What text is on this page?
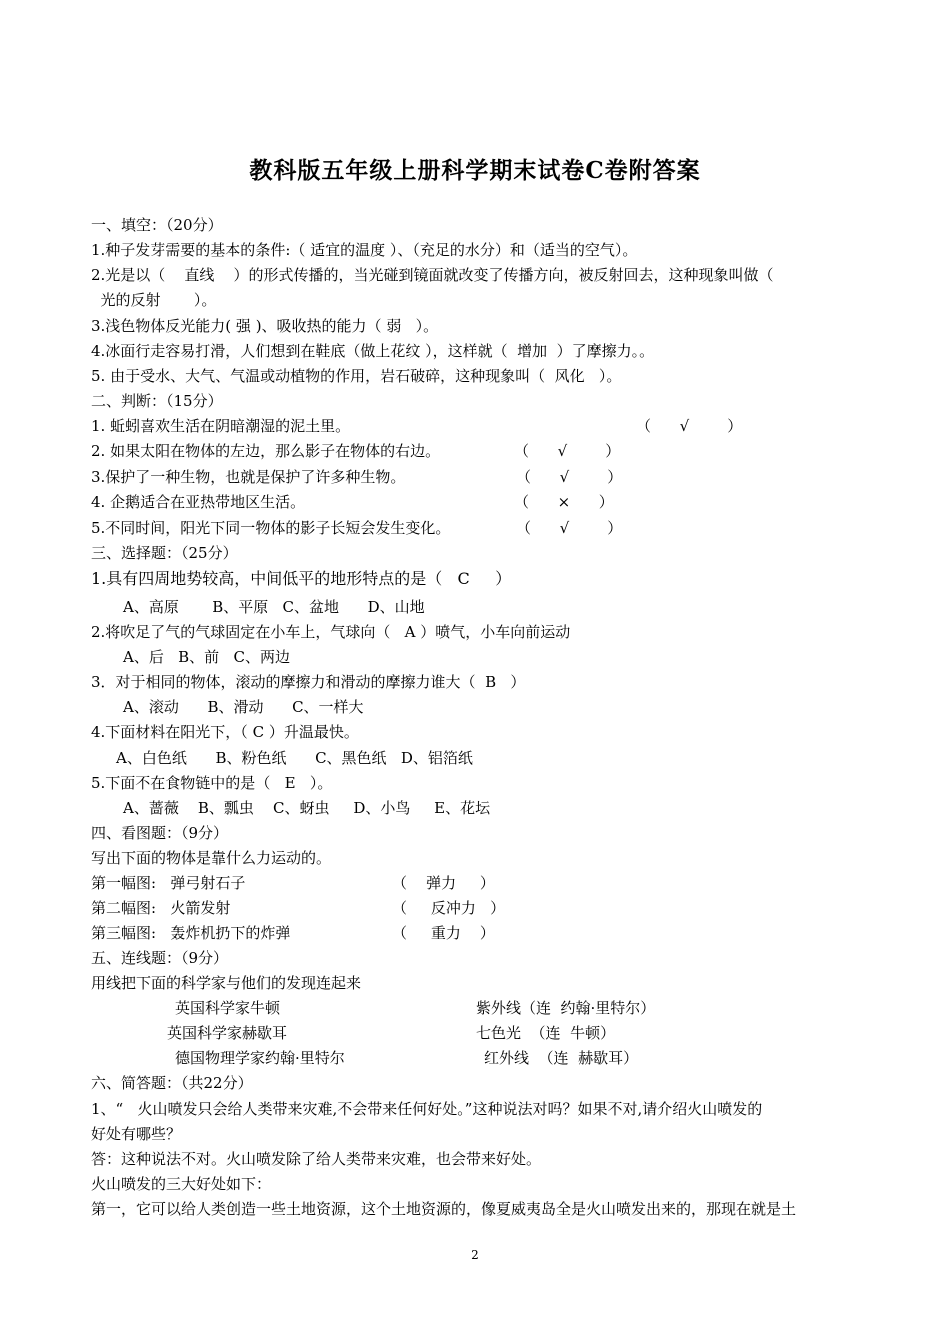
教科版五年级上册科学期末试卷C卷附答案
一、填空：（20分）
1.种子发芽需要的基本的条件:（ 适宜的温度 ）、（充足的水分）和（适当的空气）。
2.光是以（    直线    ）的形式传播的，当光碰到镜面就改变了传播方向，被反射回去，这种现象叫做（
光的反射       ）。
3.浅色物体反光能力( 强 )、吸收热的能力（ 弱   ）。
4.冰面行走容易打滑，人们想到在鞋底（做上花纹 ），这样就（  增加  ）了摩擦力。。
5. 由于受水、大气、气温或动植物的作用，岩石破碎，这种现象叫（  风化   ）。
二、判断：（15分）
1. 蚯蚓喜欢生活在阴暗潮湿的泥土里。	（      √        ）
2. 如果太阳在物体的左边，那么影子在物体的右边。	（      √        ）
3.保护了一种生物，也就是保护了许多种生物。	（      √        ）
4. 企鹅适合在亚热带地区生活。	（      ×      ）
5.不同时间，阳光下同一物体的影子长短会发生变化。	（      √        ）
三、选择题：（25分）
1.具有四周地势较高，中间低平的地形特点的是（   C     ）
A、高原       B、平原   C、盆地      D、山地
2.将吹足了气的气球固定在小车上，气球向（   A ）喷气，小车向前运动
A、后   B、前   C、两边
3．对于相同的物体，滚动的摩擦力和滑动的摩擦力谁大（  B   ）
A、滚动      B、滑动      C、一样大
4.下面材料在阳光下，（ C ）升温最快。
A、白色纸      B、粉色纸      C、黑色纸   D、铝箔纸
5.下面不在食物链中的是（   E   ）。
A、蔷薇    B、瓢虫    C、蚜虫     D、小鸟     E、花坛
四、看图题：（9分）
写出下面的物体是靠什么力运动的。
第一幅图:   弹弓射石子	（    弹力     ）
第二幅图:   火箭发射	（     反冲力   ）
第三幅图:   轰炸机扔下的炸弹	（     重力    ）
五、连线题：（9分）
用线把下面的科学家与他们的发现连起来
英国科学家牛顿	紫外线（连  约翰·里特尔）
英国科学家赫歇耳	七色光  （连  牛顿）
德国物理学家约翰·里特尔	红外线  （连  赫歇耳）
六、简答题：（共22分）
1、“   火山喷发只会给人类带来灾难,不会带来任何好处。”这种说法对吗？如果不对,请介绍火山喷发的
好处有哪些？
答：这种说法不对。火山喷发除了给人类带来灾难，也会带来好处。
火山喷发的三大好处如下：
第一，它可以给人类创造一些土地资源，这个土地资源的，像夏威夷岛全是火山喷发出来的，那现在就是土
2
